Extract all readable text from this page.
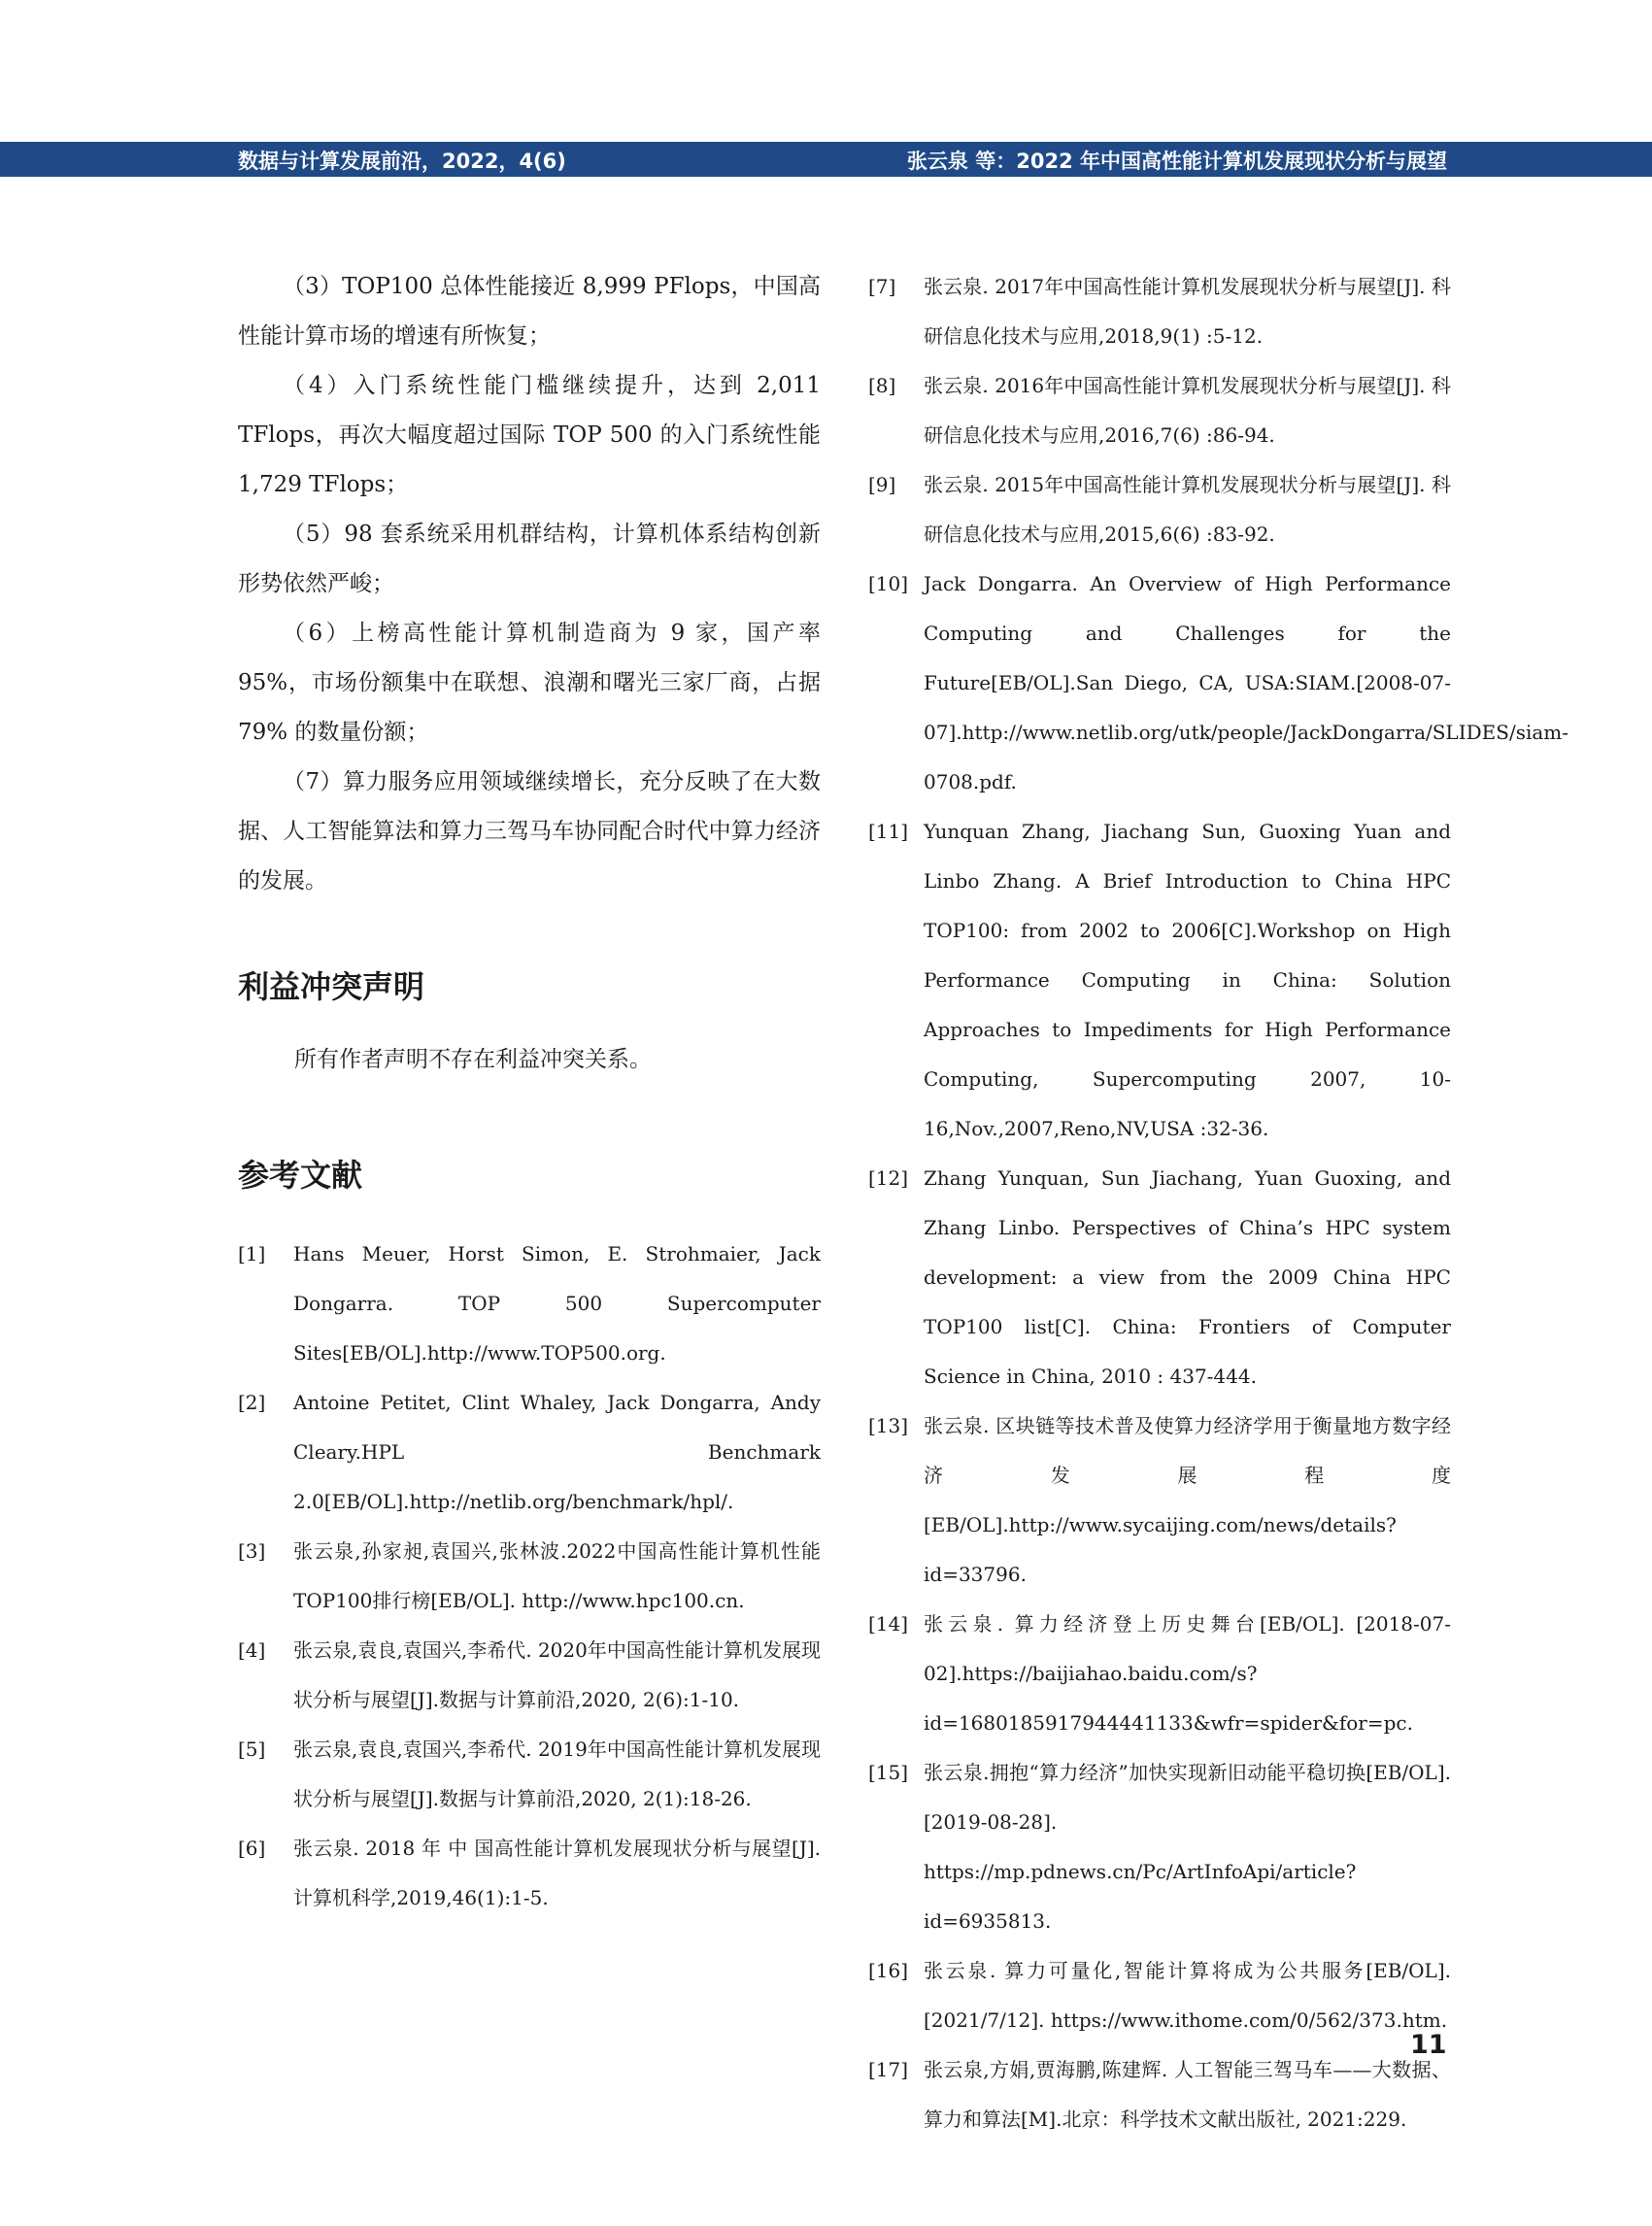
数据与计算发展前沿，2022，4(6)	张云泉 等：2022 年中国高性能计算机发展现状分析与展望

（3）TOP100 总体性能接近 8,999 PFlops，中国高性能计算市场的增速有所恢复；

（4）入门系统性能门槛继续提升，达到 2,011 TFlops，再次大幅度超过国际 TOP 500 的入门系统性能 1,729 TFlops；

（5）98 套系统采用机群结构，计算机体系结构创新形势依然严峻；

（6）上榜高性能计算机制造商为 9 家，国产率 95%，市场份额集中在联想、浪潮和曙光三家厂商，占据 79% 的数量份额；

（7）算力服务应用领域继续增长，充分反映了在大数据、人工智能算法和算力三驾马车协同配合时代中算力经济的发展。

利益冲突声明

所有作者声明不存在利益冲突关系。

参考文献
[1] Hans Meuer, Horst Simon, E. Strohmaier, Jack Dongarra. TOP 500 Supercomputer Sites[EB/OL].http://www.TOP500.org.
[2] Antoine Petitet, Clint Whaley, Jack Dongarra, Andy Cleary.HPL Benchmark 2.0[EB/OL].http://netlib.org/benchmark/hpl/.
[3] 张云泉,孙家昶,袁国兴,张林波.2022中国高性能计算机性能TOP100排行榜[EB/OL]. http://www.hpc100.cn.
[4] 张云泉,袁良,袁国兴,李希代. 2020年中国高性能计算机发展现状分析与展望[J].数据与计算前沿,2020, 2(6):1-10.
[5] 张云泉,袁良,袁国兴,李希代. 2019年中国高性能计算机发展现状分析与展望[J].数据与计算前沿,2020, 2(1):18-26.
[6] 张云泉. 2018 年 中 国高性能计算机发展现状分析与展望[J]. 计算机科学,2019,46(1):1-5.
[7] 张云泉. 2017年中国高性能计算机发展现状分析与展望[J]. 科研信息化技术与应用,2018,9(1) :5-12.
[8] 张云泉. 2016年中国高性能计算机发展现状分析与展望[J]. 科研信息化技术与应用,2016,7(6) :86-94.
[9] 张云泉. 2015年中国高性能计算机发展现状分析与展望[J]. 科研信息化技术与应用,2015,6(6) :83-92.
[10] Jack Dongarra. An Overview of High Performance Computing and Challenges for the Future[EB/OL].San Diego, CA, USA:SIAM.[2008-07-07].http://www.netlib.org/utk/people/JackDongarra/SLIDES/siam-0708.pdf.
[11] Yunquan Zhang, Jiachang Sun, Guoxing Yuan and Linbo Zhang. A Brief Introduction to China HPC TOP100: from 2002 to 2006[C].Workshop on High Performance Computing in China: Solution Approaches to Impediments for High Performance Computing, Supercomputing 2007, 10-16,Nov.,2007,Reno,NV,USA :32-36.
[12] Zhang Yunquan, Sun Jiachang, Yuan Guoxing, and Zhang Linbo. Perspectives of China’s HPC system development: a view from the 2009 China HPC TOP100 list[C]. China: Frontiers of Computer Science in China, 2010 : 437-444.
[13] 张云泉. 区块链等技术普及使算力经济学用于衡量地方数字经济发展程度[EB/OL].http://www.sycaijing.com/news/details?id=33796.
[14] 张云泉. 算力经济登上历史舞台[EB/OL]. [2018-07-02].https://baijiahao.baidu.com/s?id=1680185917944441133&wfr=spider&for=pc.
[15] 张云泉.拥抱“算力经济”加快实现新旧动能平稳切换[EB/OL].[2019-08-28]. https://mp.pdnews.cn/Pc/ArtInfoApi/article?id=6935813.
[16] 张云泉. 算力可量化,智能计算将成为公共服务[EB/OL]. [2021/7/12]. https://www.ithome.com/0/562/373.htm.
[17] 张云泉,方娟,贾海鹏,陈建辉. 人工智能三驾马车——大数据、算力和算法[M].北京：科学技术文献出版社, 2021:229.
11
